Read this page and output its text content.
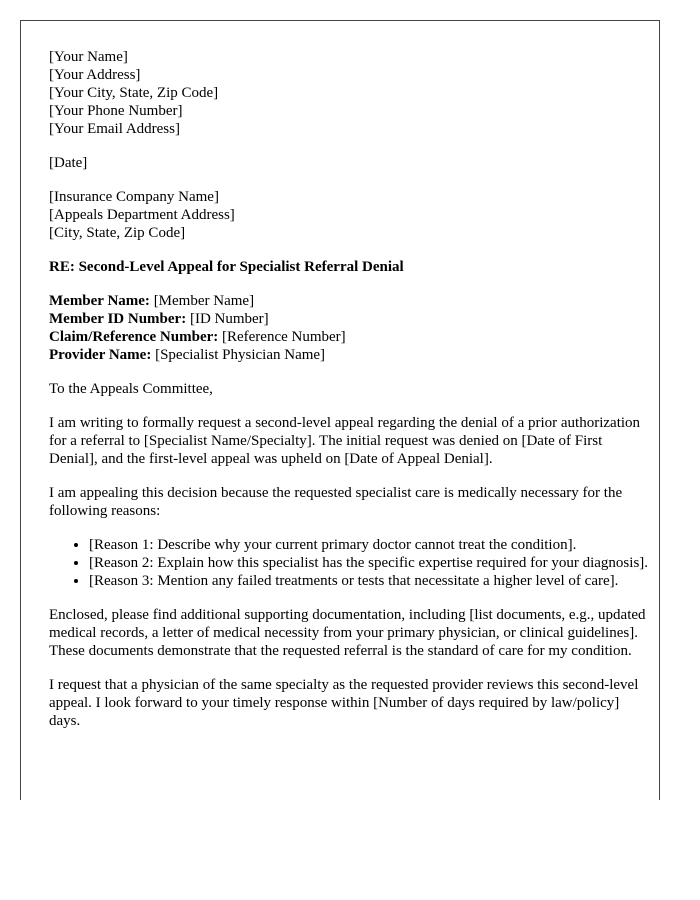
[Your Name]
[Your Address]
[Your City, State, Zip Code]
[Your Phone Number]
[Your Email Address]
[Date]
[Insurance Company Name]
[Appeals Department Address]
[City, State, Zip Code]
RE: Second-Level Appeal for Specialist Referral Denial
Member Name: [Member Name]
Member ID Number: [ID Number]
Claim/Reference Number: [Reference Number]
Provider Name: [Specialist Physician Name]

To the Appeals Committee,

I am writing to formally request a second-level appeal regarding the denial of a prior authorization for a referral to [Specialist Name/Specialty]. The initial request was denied on [Date of First Denial], and the first-level appeal was upheld on [Date of Appeal Denial].

I am appealing this decision because the requested specialist care is medically necessary for the following reasons:

• [Reason 1: Describe why your current primary doctor cannot treat the condition].
• [Reason 2: Explain how this specialist has the specific expertise required for your diagnosis].
• [Reason 3: Mention any failed treatments or tests that necessitate a higher level of care].

Enclosed, please find additional supporting documentation, including [list documents, e.g., updated medical records, a letter of medical necessity from your primary physician, or clinical guidelines]. These documents demonstrate that the requested referral is the standard of care for my condition.

I request that a physician of the same specialty as the requested provider reviews this second-level appeal. I look forward to your timely response within [Number of days required by law/policy] days.
